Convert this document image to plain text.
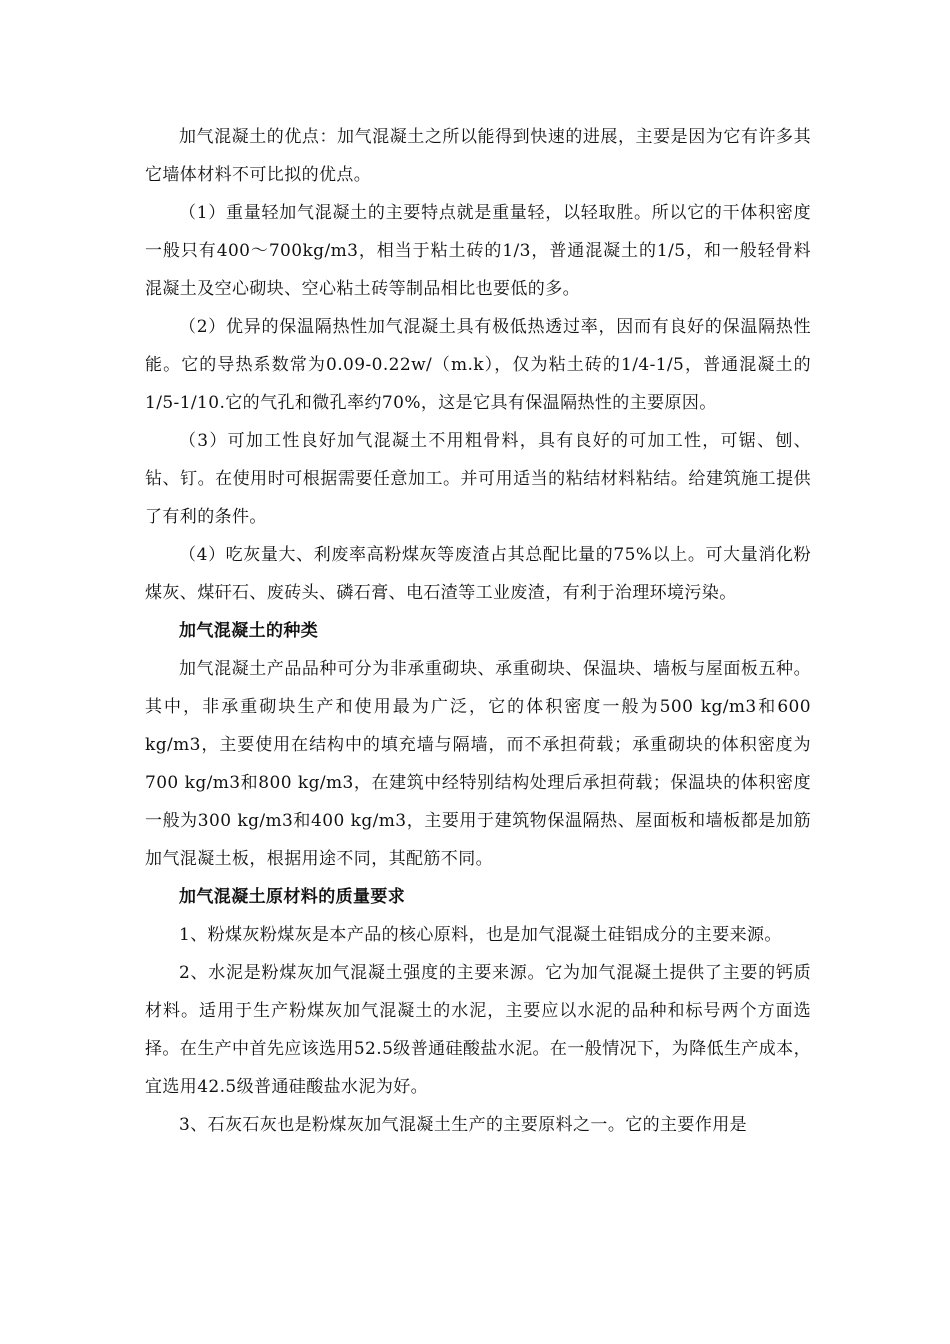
加气混凝土的优点：加气混凝土之所以能得到快速的进展，主要是因为它有许多其它墙体材料不可比拟的优点。

（1）重量轻加气混凝土的主要特点就是重量轻，以轻取胜。所以它的干体积密度一般只有400～700kg/m3，相当于粘土砖的1/3，普通混凝土的1/5，和一般轻骨料混凝土及空心砌块、空心粘土砖等制品相比也要低的多。

（2）优异的保温隔热性加气混凝土具有极低热透过率，因而有良好的保温隔热性能。它的导热系数常为0.09-0.22w/（m.k），仅为粘土砖的1/4-1/5，普通混凝土的1/5-1/10.它的气孔和微孔率约70%，这是它具有保温隔热性的主要原因。

（3）可加工性良好加气混凝土不用粗骨料，具有良好的可加工性，可锯、刨、钻、钉。在使用时可根据需要任意加工。并可用适当的粘结材料粘结。给建筑施工提供了有利的条件。

（4）吃灰量大、利废率高粉煤灰等废渣占其总配比量的75%以上。可大量消化粉煤灰、煤矸石、废砖头、磷石膏、电石渣等工业废渣，有利于治理环境污染。

加气混凝土的种类

加气混凝土产品品种可分为非承重砌块、承重砌块、保温块、墙板与屋面板五种。其中，非承重砌块生产和使用最为广泛，它的体积密度一般为500 kg/m3和600 kg/m3，主要使用在结构中的填充墙与隔墙，而不承担荷载；承重砌块的体积密度为700 kg/m3和800 kg/m3，在建筑中经特别结构处理后承担荷载；保温块的体积密度一般为300 kg/m3和400 kg/m3，主要用于建筑物保温隔热、屋面板和墙板都是加筋加气混凝土板，根据用途不同，其配筋不同。

加气混凝土原材料的质量要求

1、粉煤灰粉煤灰是本产品的核心原料，也是加气混凝土硅铝成分的主要来源。

2、水泥是粉煤灰加气混凝土强度的主要来源。它为加气混凝土提供了主要的钙质材料。适用于生产粉煤灰加气混凝土的水泥，主要应以水泥的品种和标号两个方面选择。在生产中首先应该选用52.5级普通硅酸盐水泥。在一般情况下，为降低生产成本，宜选用42.5级普通硅酸盐水泥为好。

3、石灰石灰也是粉煤灰加气混凝土生产的主要原料之一。它的主要作用是
